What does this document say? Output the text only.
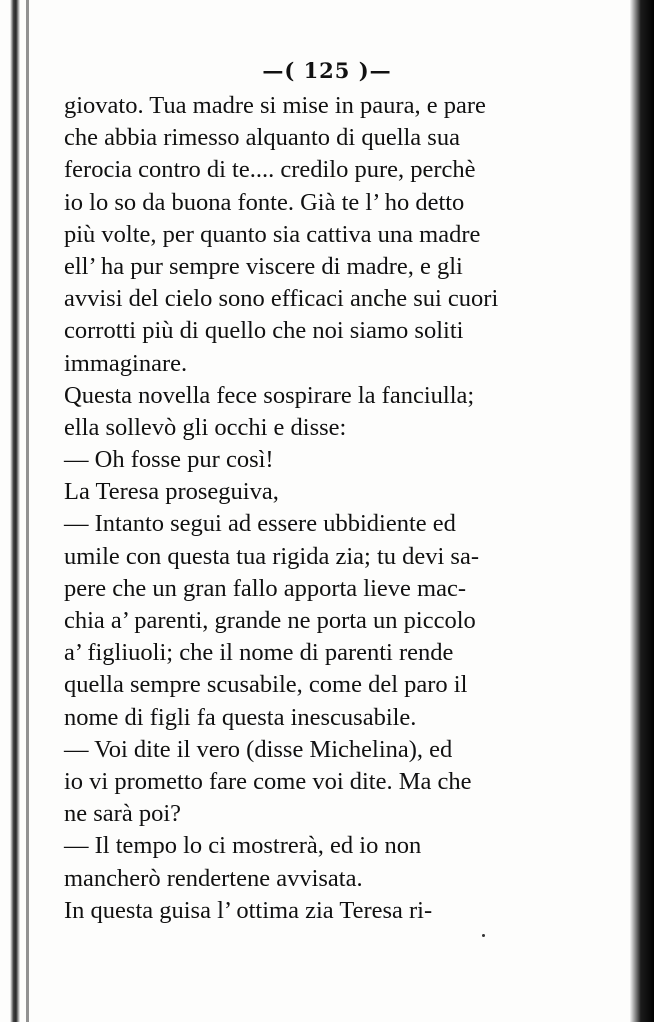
—( 125 )—
giovato. Tua madre si mise in paura, e pare
che abbia rimesso alquanto di quella sua
ferocia contro di te.... credilo pure, perchè
io lo so da buona fonte. Già te l’ ho detto
più volte, per quanto sia cattiva una madre
ell’ ha pur sempre viscere di madre, e gli
avvisi del cielo sono efficaci anche sui cuori
corrotti più di quello che noi siamo soliti
immaginare.
Questa novella fece sospirare la fanciulla;
ella sollevò gli occhi e disse:
— Oh fosse pur così!
La Teresa proseguiva,
— Intanto segui ad essere ubbidiente ed
umile con questa tua rigida zia; tu devi sa-
pere che un gran fallo apporta lieve mac-
chia a’ parenti, grande ne porta un piccolo
a’ figliuoli; che il nome di parenti rende
quella sempre scusabile, come del paro il
nome di figli fa questa inescusabile.
— Voi dite il vero (disse Michelina), ed
io vi prometto fare come voi dite. Ma che
ne sarà poi?
— Il tempo lo ci mostrerà, ed io non
mancherò rendertene avvisata.
In questa guisa l’ ottima zia Teresa ri-
